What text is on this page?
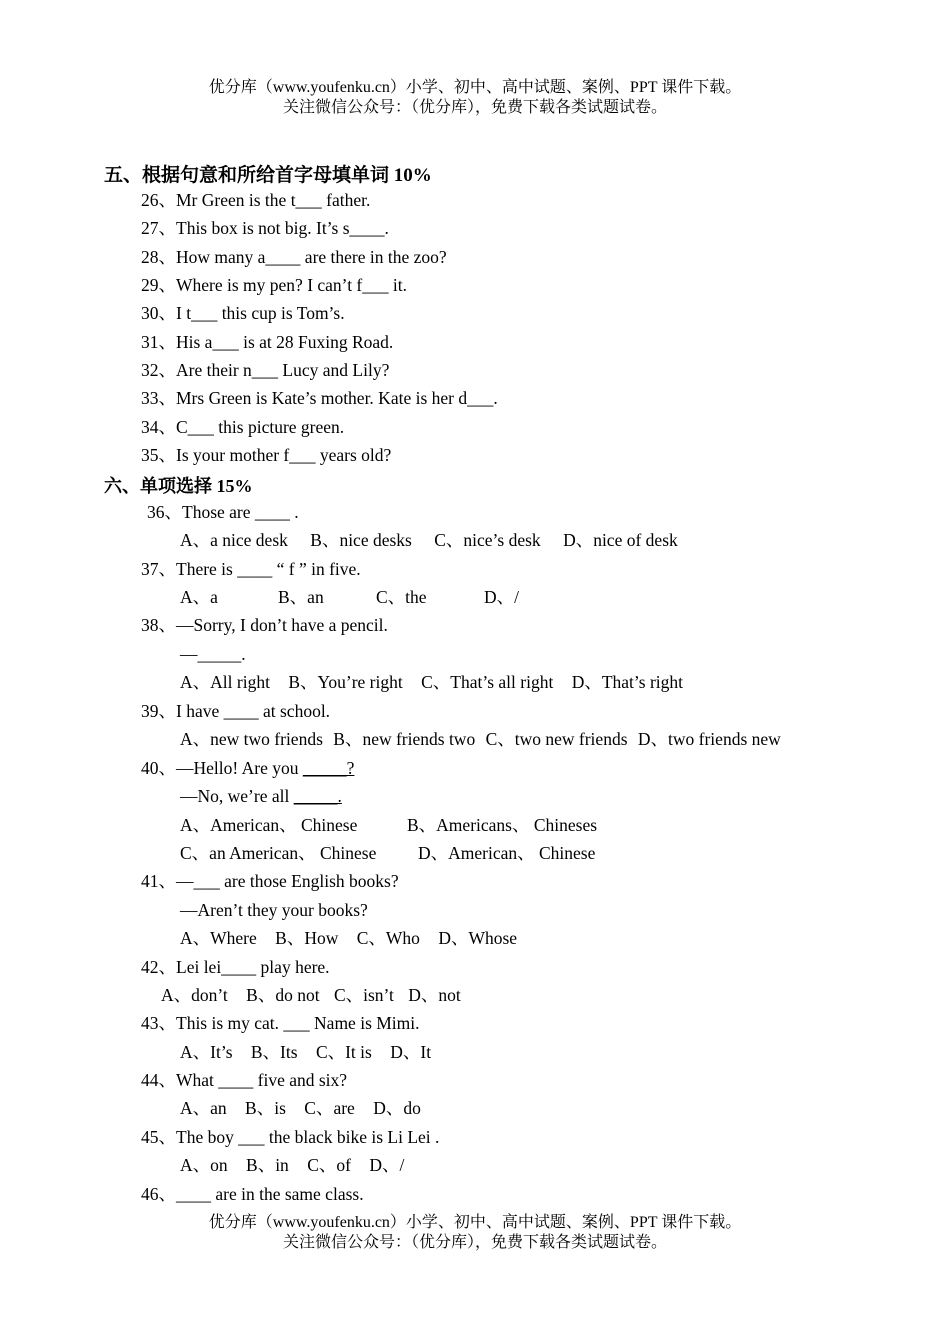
优分库（www.youfenku.cn）小学、初中、高中试题、案例、PPT 课件下载。
关注微信公众号：（优分库），免费下载各类试题试卷。
五、根据句意和所给首字母填单词 10%
26、Mr Green is the t___ father.
27、This box is not big. It’s s____.
28、How many a____ are there in the zoo?
29、Where is my pen? I can’t f___ it.
30、I t___ this cup is Tom’s.
31、His a___ is at 28 Fuxing Road.
32、Are their n___ Lucy and Lily?
33、Mrs Green is Kate’s mother. Kate is her d___.
34、C___ this picture green.
35、Is your mother f___ years old?
六、单项选择 15%
36、Those are ____ .
A、a nice desk B、nice desks C、nice’s desk D、nice of desk
37、There is ____ “ f ” in five.
A、a	B、an	C、the	D、/
38、—Sorry, I don’t have a pencil.
—_____.
A、All right B、You’re right C、That’s all right D、That’s right
39、I have ____ at school.
A、new two friends B、new friends two C、two new friends D、two friends new
40、—Hello! Are you _____?
—No, we’re all _____.
A、American、 Chinese	B、Americans、 Chineses
C、an American、 Chinese D、American、 Chinese
41、—___ are those English books?
—Aren’t they your books?
A、Where B、How C、Who D、Whose
42、Lei lei____ play here.
A、don’t B、do not C、isn’t D、not
43、This is my cat. ___ Name is Mimi.
A、It’s B、Its C、It is D、It
44、What ____ five and six?
A、an B、is C、are D、do
45、The boy ___ the black bike is Li Lei .
A、on B、in C、of D、/
46、____ are in the same class.
优分库（www.youfenku.cn）小学、初中、高中试题、案例、PPT 课件下载。
关注微信公众号：（优分库），免费下载各类试题试卷。
